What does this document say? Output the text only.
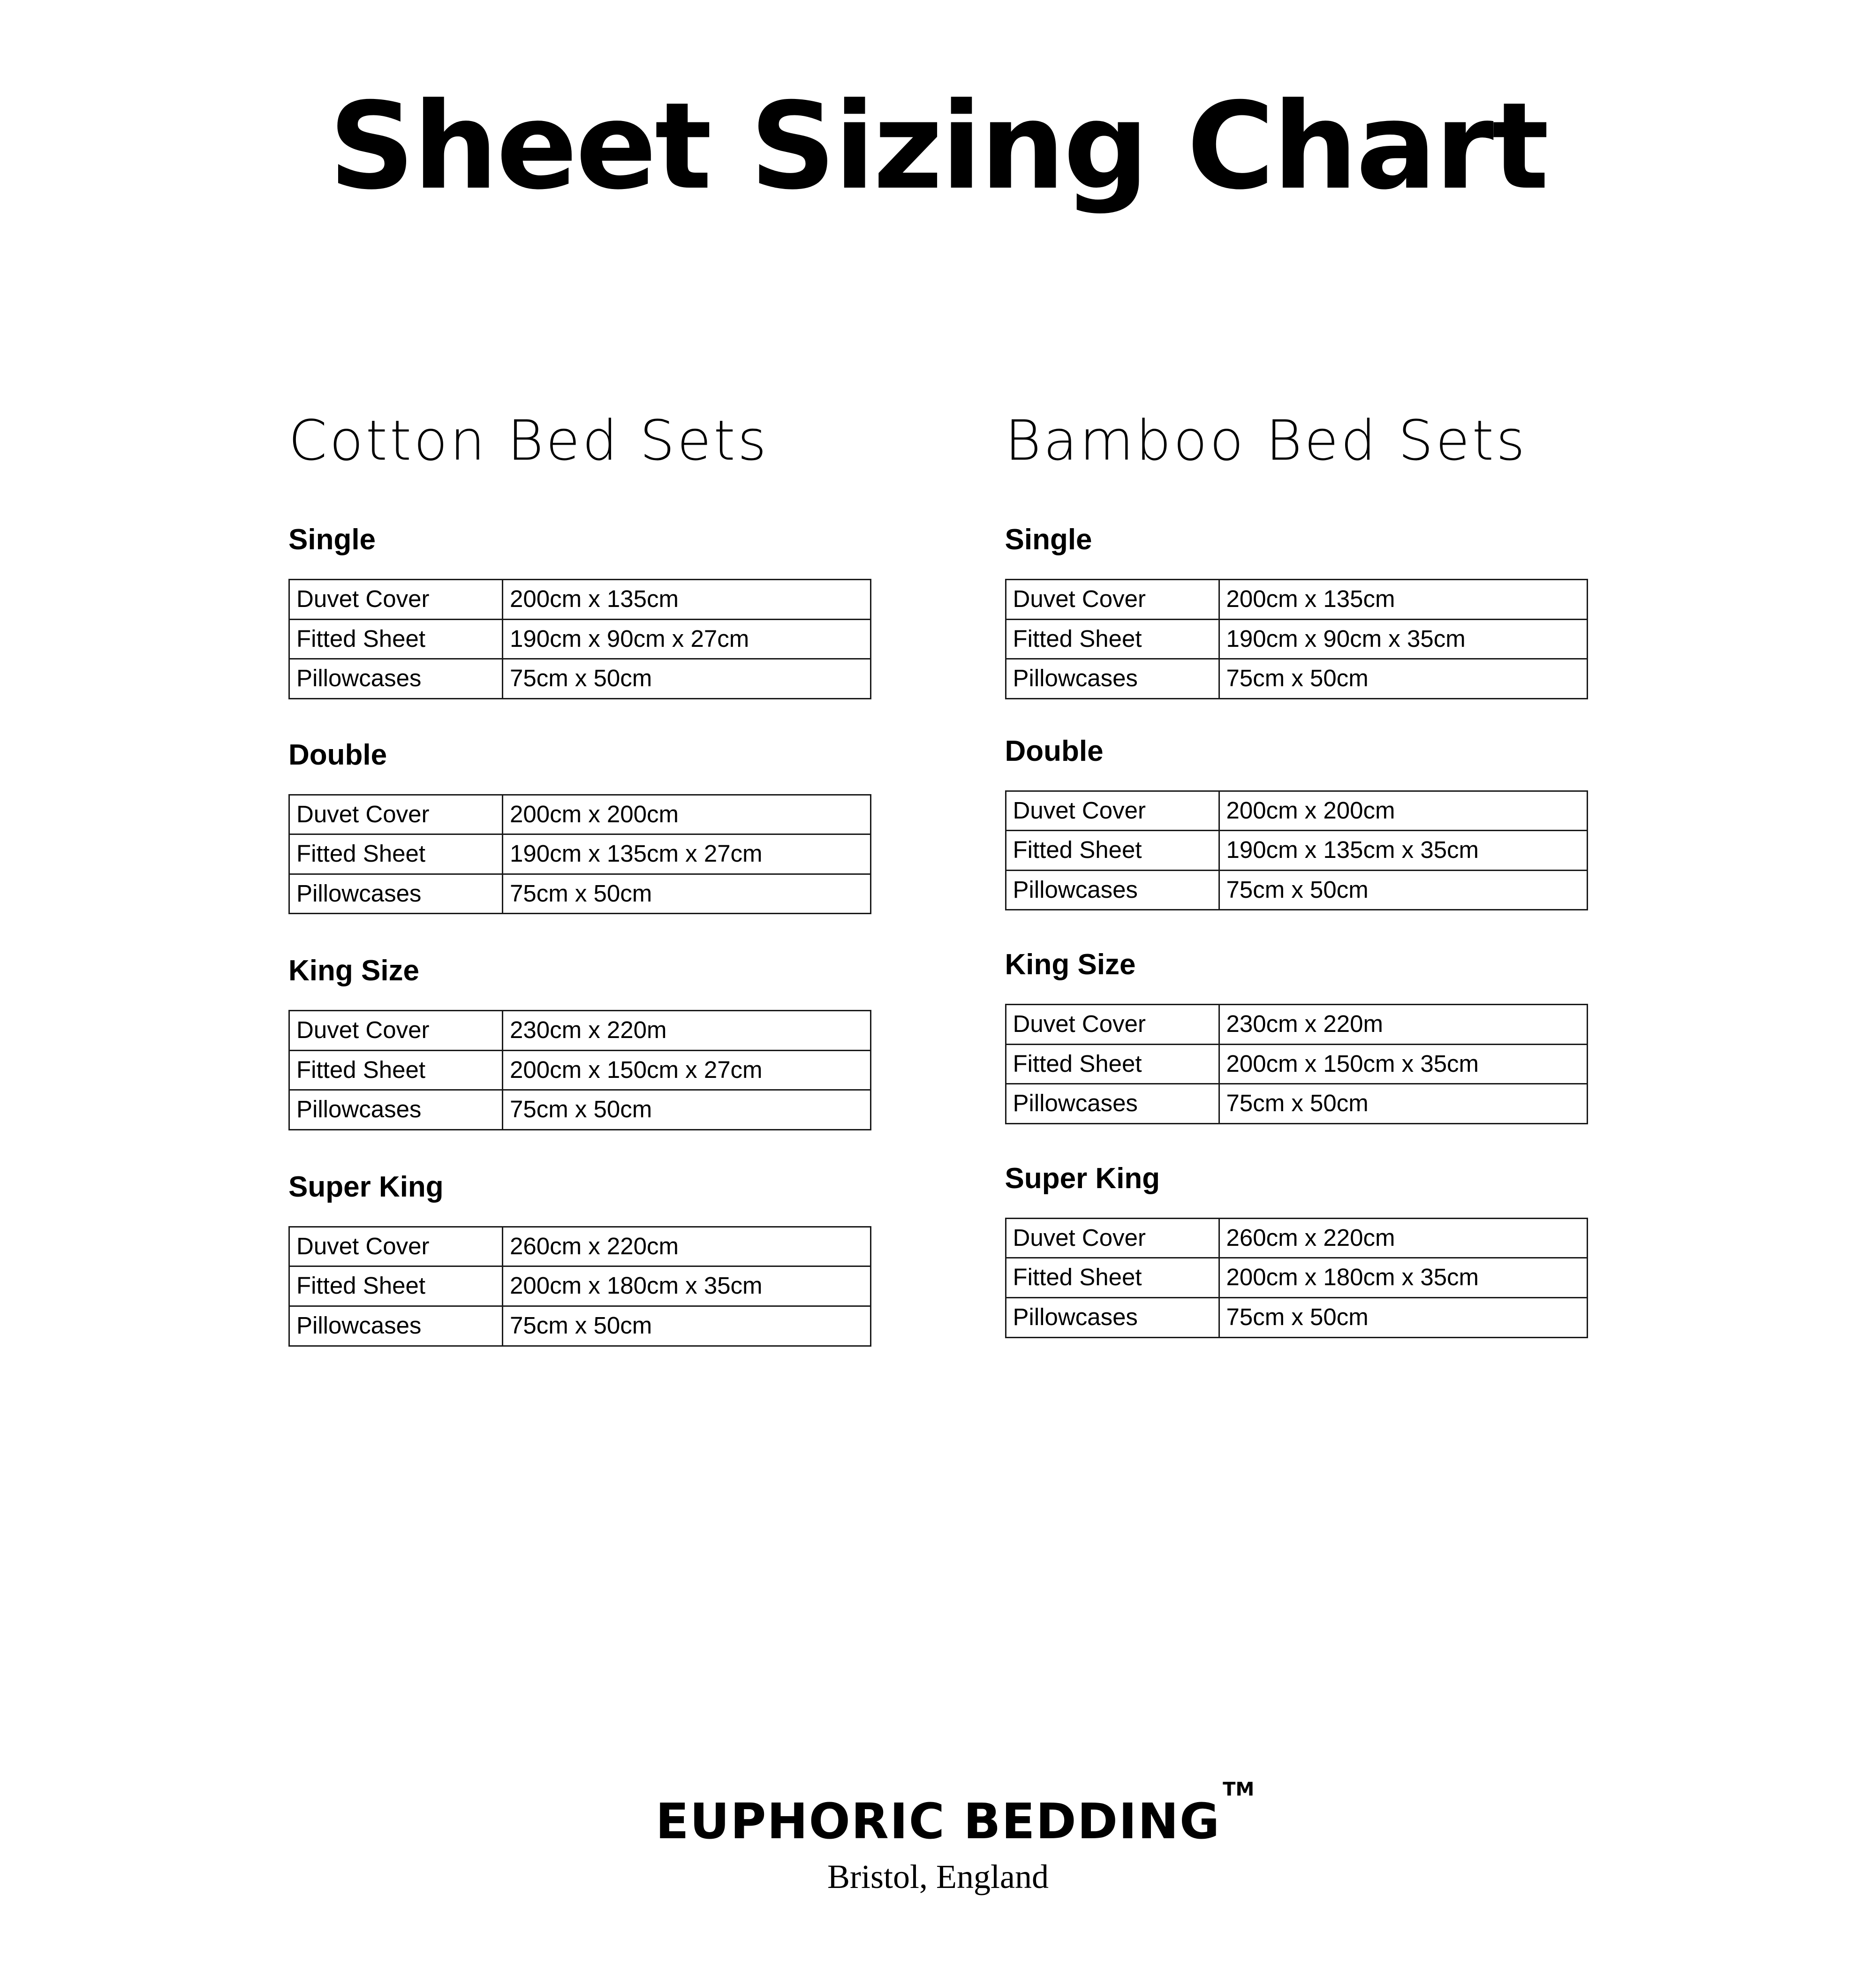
Sheet Sizing Chart
Cotton Bed Sets
Single
Duvet Cover	200cm x 135cm
Fitted Sheet	190cm x 90cm x 27cm
Pillowcases	75cm x 50cm
Double
Duvet Cover	200cm x 200cm
Fitted Sheet	190cm x 135cm x 27cm
Pillowcases	75cm x 50cm
King Size
Duvet Cover	230cm x 220m
Fitted Sheet	200cm x 150cm x 27cm
Pillowcases	75cm x 50cm
Super King
Duvet Cover	260cm x 220cm
Fitted Sheet	200cm x 180cm x 35cm
Pillowcases	75cm x 50cm
Bamboo Bed Sets
Single
Duvet Cover	200cm x 135cm
Fitted Sheet	190cm x 90cm x 35cm
Pillowcases	75cm x 50cm
Double
Duvet Cover	200cm x 200cm
Fitted Sheet	190cm x 135cm x 35cm
Pillowcases	75cm x 50cm
King Size
Duvet Cover	230cm x 220m
Fitted Sheet	200cm x 150cm x 35cm
Pillowcases	75cm x 50cm
Super King
Duvet Cover	260cm x 220cm
Fitted Sheet	200cm x 180cm x 35cm
Pillowcases	75cm x 50cm
EUPHORIC BEDDING
TM
Bristol, England
